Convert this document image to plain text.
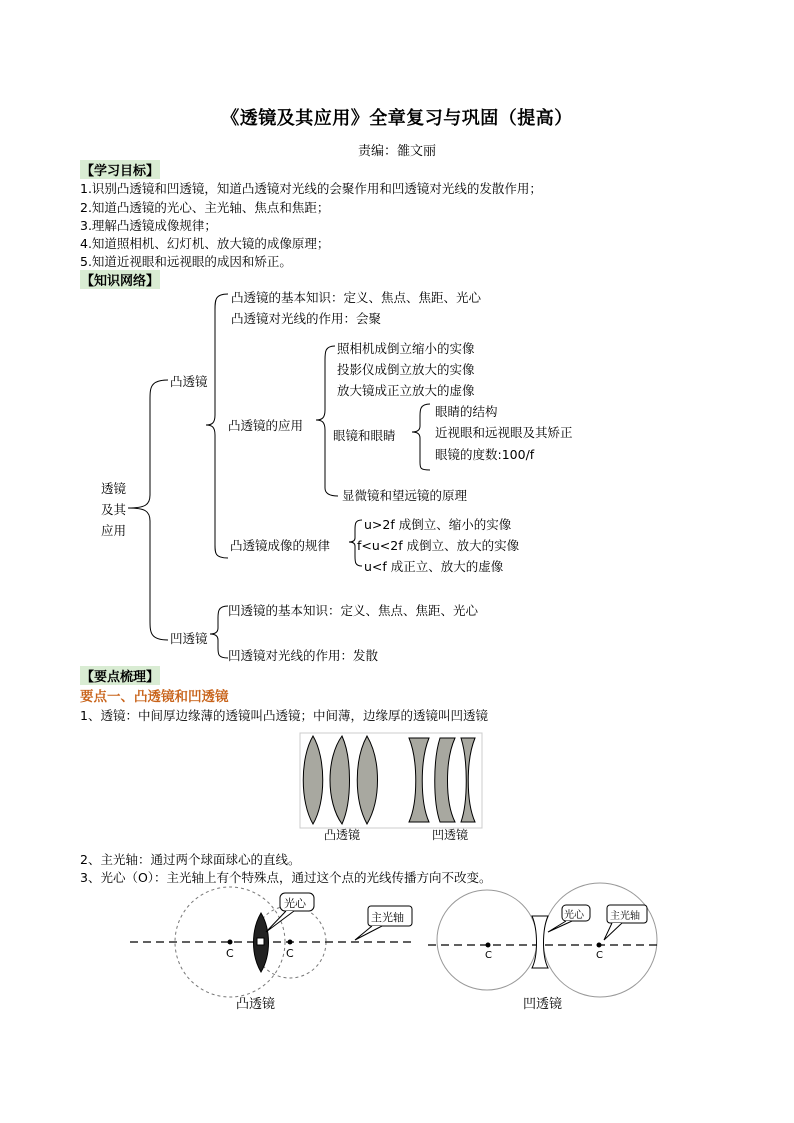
《透镜及其应用》全章复习与巩固（提高）
责编：雒文丽
【学习目标】
1.识别凸透镜和凹透镜，知道凸透镜对光线的会聚作用和凹透镜对光线的发散作用；
2.知道凸透镜的光心、主光轴、焦点和焦距；
3.理解凸透镜成像规律；
4.知道照相机、幻灯机、放大镜的成像原理；
5.知道近视眼和远视眼的成因和矫正。
【知识网络】
透镜
及其
应用
凸透镜
凸透镜的基本知识：定义、焦点、焦距、光心
凸透镜对光线的作用：会聚
凸透镜的应用
照相机成倒立缩小的实像
投影仪成倒立放大的实像
放大镜成正立放大的虚像
眼镜和眼睛
眼睛的结构
近视眼和远视眼及其矫正
眼镜的度数:100/f
显微镜和望远镜的原理
凸透镜成像的规律
u>2f 成倒立、缩小的实像
f<u<2f 成倒立、放大的实像
u<f 成正立、放大的虚像
凹透镜
凹透镜的基本知识：定义、焦点、焦距、光心
凹透镜对光线的作用：发散
【要点梳理】
要点一、凸透镜和凹透镜
1、透镜：中间厚边缘薄的透镜叫凸透镜；中间薄，边缘厚的透镜叫凹透镜
凸透镜	凹透镜
2、主光轴：通过两个球面球心的直线。
3、光心（O）：主光轴上有个特殊点，通过这个点的光线传播方向不改变。
光心
主光轴	光心	主光轴
C	C	C	C
凸透镜	凹透镜
